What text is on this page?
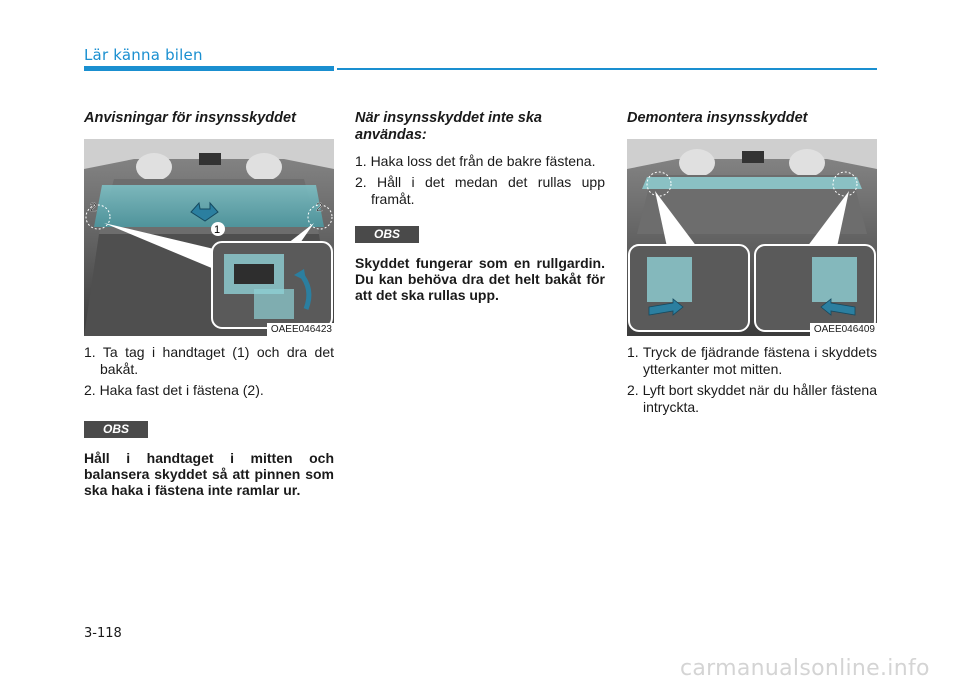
Lär känna bilen
Anvisningar för insynsskyddet
2	2
1
OAEE046423
1. Ta tag i handtaget (1) och dra det bakåt.
2. Haka fast det i fästena (2).
OBS

Håll i handtaget i mitten och balansera skyddet så att pinnen som ska haka i fästena inte ramlar ur.

När insynsskyddet inte ska användas:
1. Haka loss det från de bakre fästena.
2. Håll i det medan det rullas upp framåt.
OBS

Skyddet fungerar som en rullgardin. Du kan behöva dra det helt bakåt för att det ska rullas upp.

Demontera insynsskyddet
OAEE046409
1. Tryck de fjädrande fästena i skyddets ytterkanter mot mitten.
2. Lyft bort skyddet när du håller fästena intryckta.
3-118
carmanualsonline.info
